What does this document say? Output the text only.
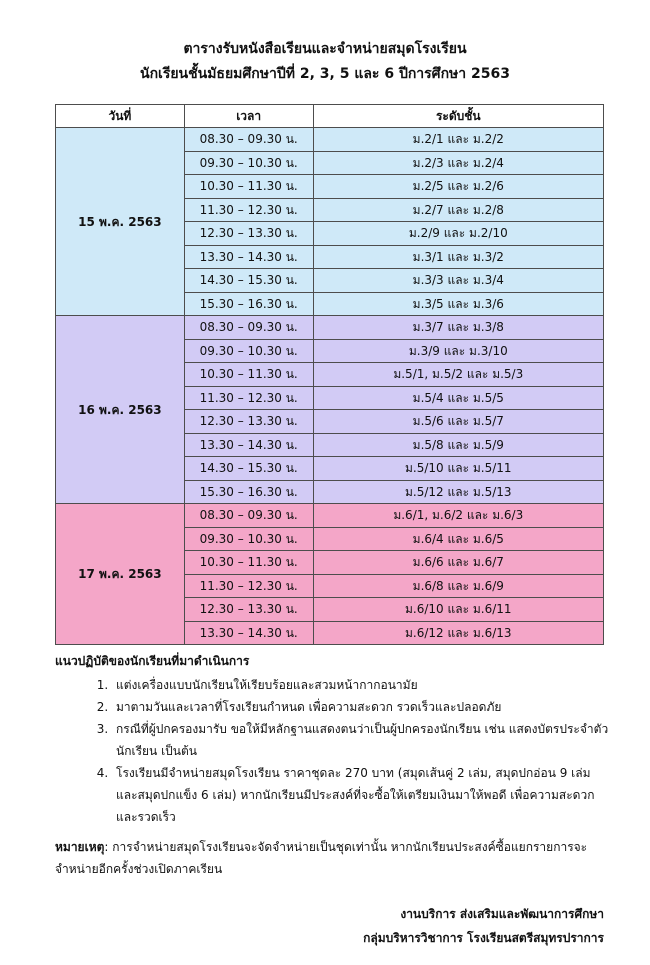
ตารางรับหนังสือเรียนและจำหน่ายสมุดโรงเรียน
นักเรียนชั้นมัธยมศึกษาปีที่ 2, 3, 5 และ 6 ปีการศึกษา 2563
วันที่	เวลา	ระดับชั้น
15 พ.ค. 2563	08.30 – 09.30 น.	ม.2/1 และ ม.2/2
	09.30 – 10.30 น.	ม.2/3 และ ม.2/4
	10.30 – 11.30 น.	ม.2/5 และ ม.2/6
	11.30 – 12.30 น.	ม.2/7 และ ม.2/8
	12.30 – 13.30 น.	ม.2/9 และ ม.2/10
	13.30 – 14.30 น.	ม.3/1 และ ม.3/2
	14.30 – 15.30 น.	ม.3/3 และ ม.3/4
	15.30 – 16.30 น.	ม.3/5 และ ม.3/6
16 พ.ค. 2563	08.30 – 09.30 น.	ม.3/7 และ ม.3/8
	09.30 – 10.30 น.	ม.3/9 และ ม.3/10
	10.30 – 11.30 น.	ม.5/1, ม.5/2 และ ม.5/3
	11.30 – 12.30 น.	ม.5/4 และ ม.5/5
	12.30 – 13.30 น.	ม.5/6 และ ม.5/7
	13.30 – 14.30 น.	ม.5/8 และ ม.5/9
	14.30 – 15.30 น.	ม.5/10 และ ม.5/11
	15.30 – 16.30 น.	ม.5/12 และ ม.5/13
17 พ.ค. 2563	08.30 – 09.30 น.	ม.6/1, ม.6/2 และ ม.6/3
	09.30 – 10.30 น.	ม.6/4 และ ม.6/5
	10.30 – 11.30 น.	ม.6/6 และ ม.6/7
	11.30 – 12.30 น.	ม.6/8 และ ม.6/9
	12.30 – 13.30 น.	ม.6/10 และ ม.6/11
	13.30 – 14.30 น.	ม.6/12 และ ม.6/13
แนวปฏิบัติของนักเรียนที่มาดำเนินการ
1. แต่งเครื่องแบบนักเรียนให้เรียบร้อยและสวมหน้ากากอนามัย
2. มาตามวันและเวลาที่โรงเรียนกำหนด เพื่อความสะดวก รวดเร็วและปลอดภัย
3. กรณีที่ผู้ปกครองมารับ ขอให้มีหลักฐานแสดงตนว่าเป็นผู้ปกครองนักเรียน เช่น แสดงบัตรประจำตัวนักเรียน เป็นต้น
4. โรงเรียนมีจำหน่ายสมุดโรงเรียน ราคาชุดละ 270 บาท (สมุดเส้นคู่ 2 เล่ม, สมุดปกอ่อน 9 เล่ม และสมุดปกแข็ง 6 เล่ม) หากนักเรียนมีประสงค์ที่จะซื้อให้เตรียมเงินมาให้พอดี เพื่อความสะดวกและรวดเร็ว
หมายเหตุ: การจำหน่ายสมุดโรงเรียนจะจัดจำหน่ายเป็นชุดเท่านั้น หากนักเรียนประสงค์ซื้อแยกรายการจะจำหน่ายอีกครั้งช่วงเปิดภาคเรียน
งานบริการ ส่งเสริมและพัฒนาการศึกษา
กลุ่มบริหารวิชาการ โรงเรียนสตรีสมุทรปราการ
